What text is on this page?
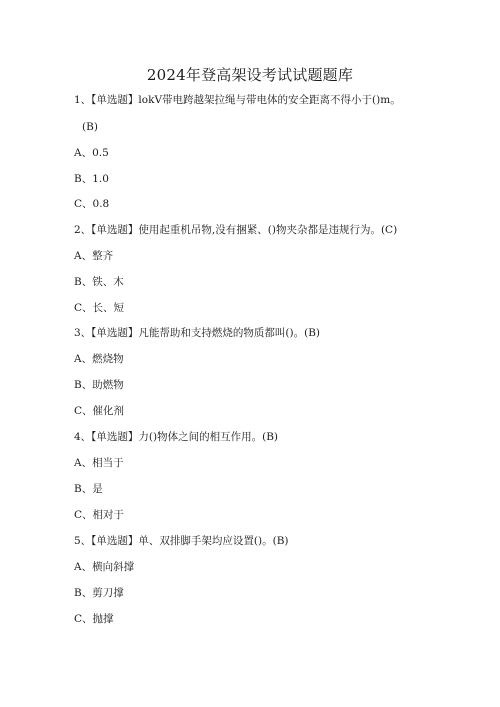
2024年登高架设考试试题题库
1、【单选题】lokV带电跨越架拉绳与带电体的安全距离不得小于()m。
(B)
A、0.5
B、1.0
C、0.8
2、【单选题】使用起重机吊物,没有捆紧、()物夹杂都是违规行为。(C)
A、整齐
B、铁、木
C、长、短
3、【单选题】凡能帮助和支持燃烧的物质都叫()。(B)
A、燃烧物
B、助燃物
C、催化剂
4、【单选题】力()物体之间的相互作用。(B)
A、相当于
B、是
C、相对于
5、【单选题】单、双排脚手架均应设置()。(B)
A、横向斜撑
B、剪刀撑
C、抛撑
